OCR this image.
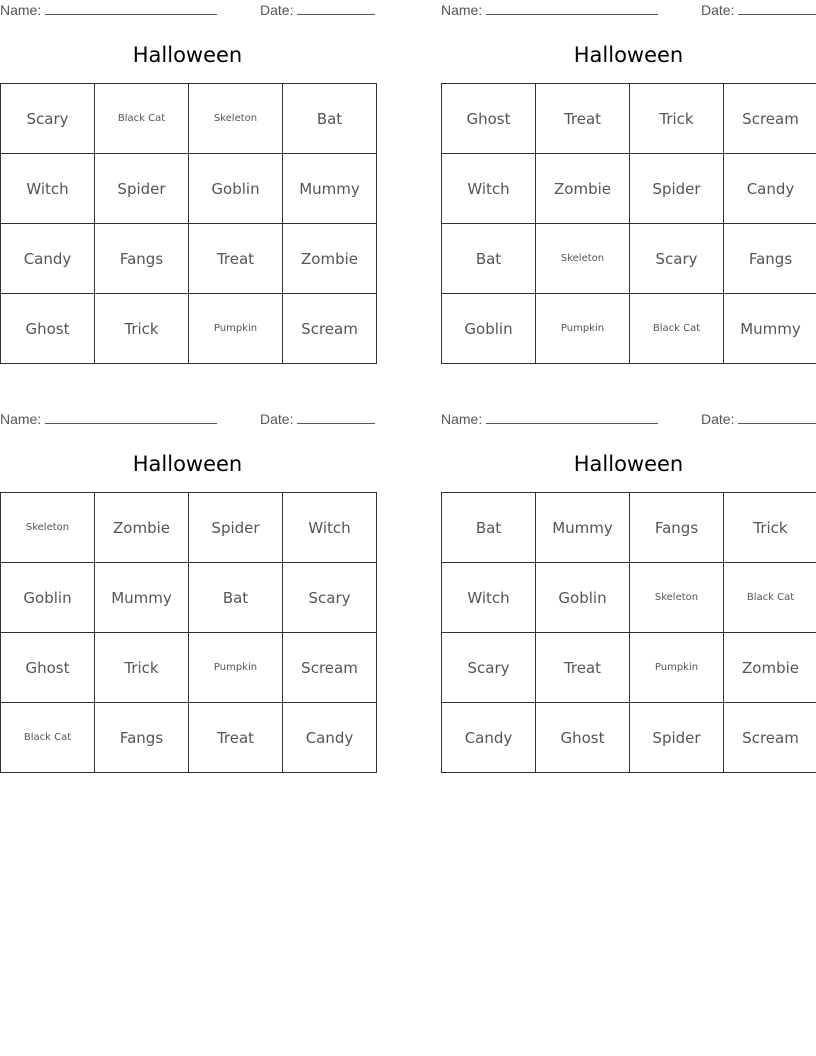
Name:	Date:
Halloween
Scary	Black Cat	Skeleton	Bat
Witch	Spider	Goblin	Mummy
Candy	Fangs	Treat	Zombie
Ghost	Trick	Pumpkin	Scream
Name:	Date:
Halloween
Ghost	Treat	Trick	Scream
Witch	Zombie	Spider	Candy
Bat	Skeleton	Scary	Fangs
Goblin	Pumpkin	Black Cat	Mummy
Name:	Date:
Halloween
Skeleton	Zombie	Spider	Witch
Goblin	Mummy	Bat	Scary
Ghost	Trick	Pumpkin	Scream
Black Cat	Fangs	Treat	Candy
Name:	Date:
Halloween
Bat	Mummy	Fangs	Trick
Witch	Goblin	Skeleton	Black Cat
Scary	Treat	Pumpkin	Zombie
Candy	Ghost	Spider	Scream
